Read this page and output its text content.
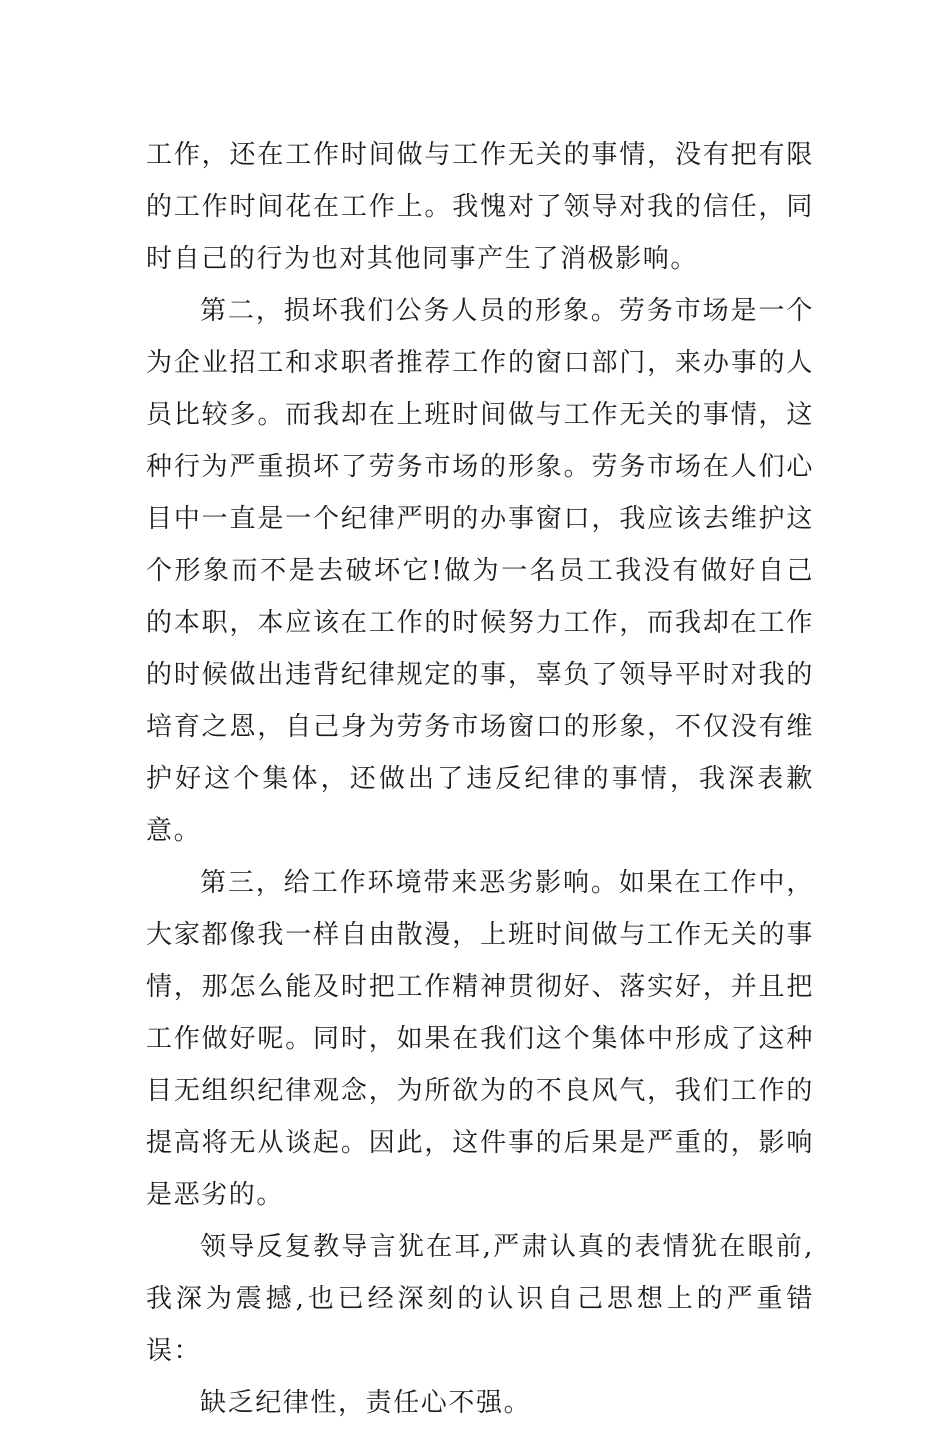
工作，还在工作时间做与工作无关的事情，没有把有限的工作时间花在工作上。我愧对了领导对我的信任，同时自己的行为也对其他同事产生了消极影响。

第二，损坏我们公务人员的形象。劳务市场是一个为企业招工和求职者推荐工作的窗口部门，来办事的人员比较多。而我却在上班时间做与工作无关的事情，这种行为严重损坏了劳务市场的形象。劳务市场在人们心目中一直是一个纪律严明的办事窗口，我应该去维护这个形象而不是去破坏它!做为一名员工我没有做好自己的本职，本应该在工作的时候努力工作，而我却在工作的时候做出违背纪律规定的事，辜负了领导平时对我的培育之恩，自己身为劳务市场窗口的形象，不仅没有维护好这个集体，还做出了违反纪律的事情，我深表歉意。

第三，给工作环境带来恶劣影响。如果在工作中，大家都像我一样自由散漫，上班时间做与工作无关的事情，那怎么能及时把工作精神贯彻好、落实好，并且把工作做好呢。同时，如果在我们这个集体中形成了这种目无组织纪律观念，为所欲为的不良风气，我们工作的提高将无从谈起。因此，这件事的后果是严重的，影响是恶劣的。

领导反复教导言犹在耳,严肃认真的表情犹在眼前,我深为震撼,也已经深刻的认识自己思想上的严重错误：

缺乏纪律性，责任心不强。
